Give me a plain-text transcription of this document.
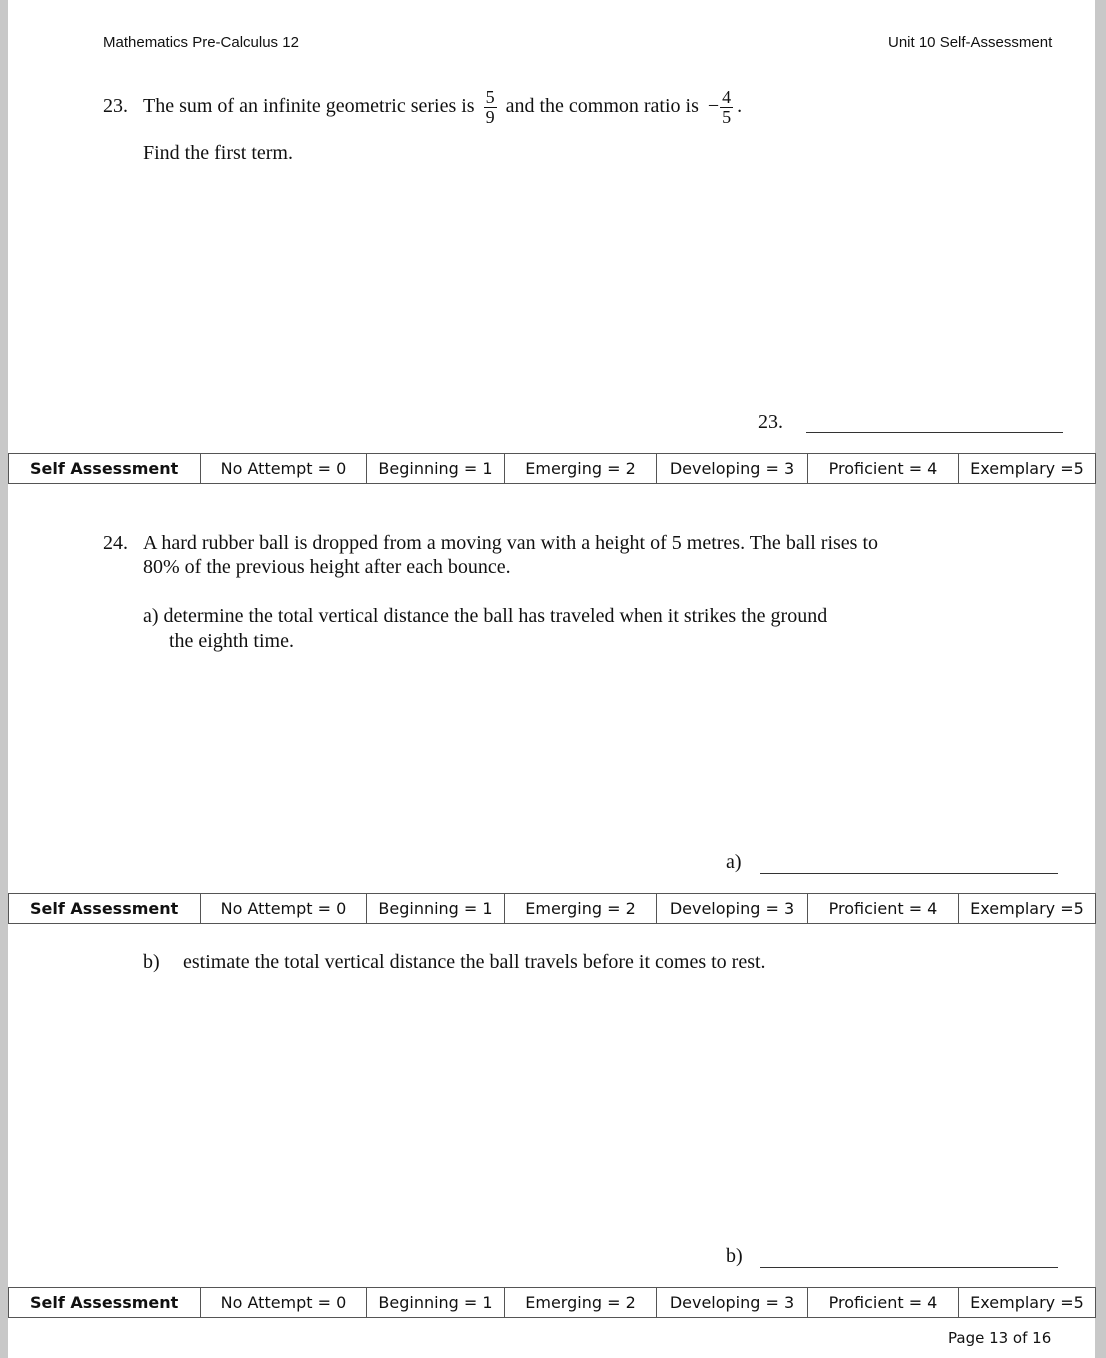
Mathematics Pre-Calculus 12	Unit 10 Self-Assessment
23. The sum of an infinite geometric series is $\frac{5}{9}$ and the common ratio is − $\frac{4}{5}$ .
Find the first term.
23.
Self Assessment	No Attempt = 0	Beginning = 1	Emerging = 2	Developing = 3	Proficient = 4	Exemplary =5
24. A hard rubber ball is dropped from a moving van with a height of 5 metres. The ball rises to
80% of the previous height after each bounce.
a) determine the total vertical distance the ball has traveled when it strikes the ground
the eighth time.
a)
Self Assessment	No Attempt = 0	Beginning = 1	Emerging = 2	Developing = 3	Proficient = 4	Exemplary =5
b) estimate the total vertical distance the ball travels before it comes to rest.
b)
Self Assessment	No Attempt = 0	Beginning = 1	Emerging = 2	Developing = 3	Proficient = 4	Exemplary =5
Page 13 of 16
